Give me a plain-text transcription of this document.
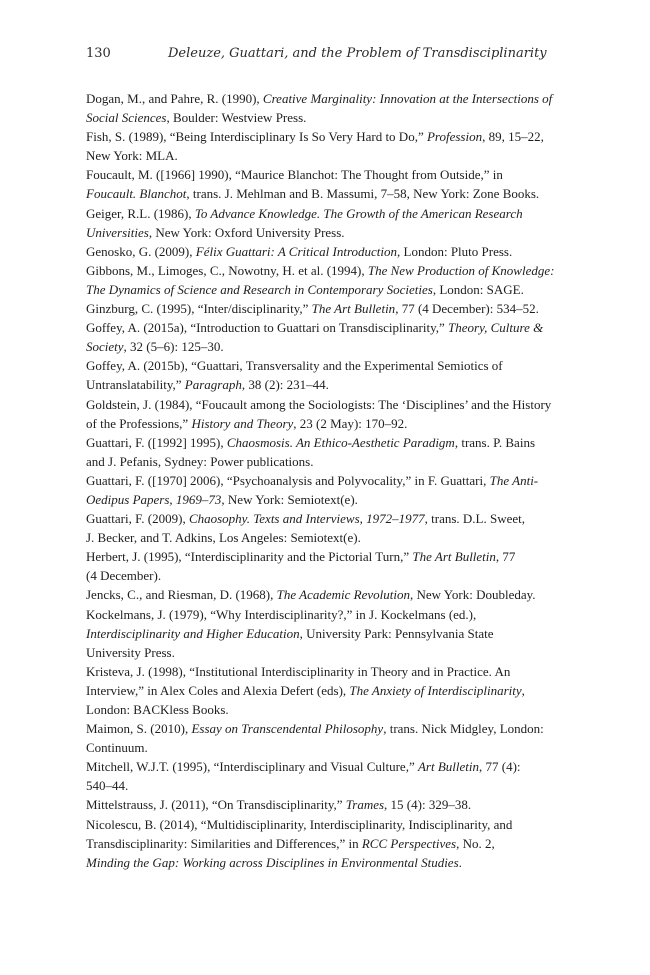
130	Deleuze, Guattari, and the Problem of Transdisciplinarity

Dogan, M., and Pahre, R. (1990), Creative Marginality: Innovation at the Intersections of
Social Sciences, Boulder: Westview Press.

Fish, S. (1989), “Being Interdisciplinary Is So Very Hard to Do,” Profession, 89, 15–22,
New York: MLA.

Foucault, M. ([1966] 1990), “Maurice Blanchot: The Thought from Outside,” in
Foucault. Blanchot, trans. J. Mehlman and B. Massumi, 7–58, New York: Zone Books.

Geiger, R.L. (1986), To Advance Knowledge. The Growth of the American Research
Universities, New York: Oxford University Press.

Genosko, G. (2009), Félix Guattari: A Critical Introduction, London: Pluto Press.

Gibbons, M., Limoges, C., Nowotny, H. et al. (1994), The New Production of Knowledge:
The Dynamics of Science and Research in Contemporary Societies, London: SAGE.

Ginzburg, C. (1995), “Inter/disciplinarity,” The Art Bulletin, 77 (4 December): 534–52.

Goffey, A. (2015a), “Introduction to Guattari on Transdisciplinarity,” Theory, Culture &
Society, 32 (5–6): 125–30.

Goffey, A. (2015b), “Guattari, Transversality and the Experimental Semiotics of
Untranslatability,” Paragraph, 38 (2): 231–44.

Goldstein, J. (1984), “Foucault among the Sociologists: The ‘Disciplines’ and the History
of the Professions,” History and Theory, 23 (2 May): 170–92.

Guattari, F. ([1992] 1995), Chaosmosis. An Ethico-Aesthetic Paradigm, trans. P. Bains
and J. Pefanis, Sydney: Power publications.

Guattari, F. ([1970] 2006), “Psychoanalysis and Polyvocality,” in F. Guattari, The Anti-
Oedipus Papers, 1969–73, New York: Semiotext(e).

Guattari, F. (2009), Chaosophy. Texts and Interviews, 1972–1977, trans. D.L. Sweet,
J. Becker, and T. Adkins, Los Angeles: Semiotext(e).

Herbert, J. (1995), “Interdisciplinarity and the Pictorial Turn,” The Art Bulletin, 77
(4 December).

Jencks, C., and Riesman, D. (1968), The Academic Revolution, New York: Doubleday.

Kockelmans, J. (1979), “Why Interdisciplinarity?,” in J. Kockelmans (ed.),
Interdisciplinarity and Higher Education, University Park: Pennsylvania State
University Press.

Kristeva, J. (1998), “Institutional Interdisciplinarity in Theory and in Practice. An
Interview,” in Alex Coles and Alexia Defert (eds), The Anxiety of Interdisciplinarity,
London: BACKless Books.

Maimon, S. (2010), Essay on Transcendental Philosophy, trans. Nick Midgley, London:
Continuum.

Mitchell, W.J.T. (1995), “Interdisciplinary and Visual Culture,” Art Bulletin, 77 (4):
540–44.

Mittelstrauss, J. (2011), “On Transdisciplinarity,” Trames, 15 (4): 329–38.

Nicolescu, B. (2014), “Multidisciplinarity, Interdisciplinarity, Indisciplinarity, and
Transdisciplinarity: Similarities and Differences,” in RCC Perspectives, No. 2,
Minding the Gap: Working across Disciplines in Environmental Studies.
